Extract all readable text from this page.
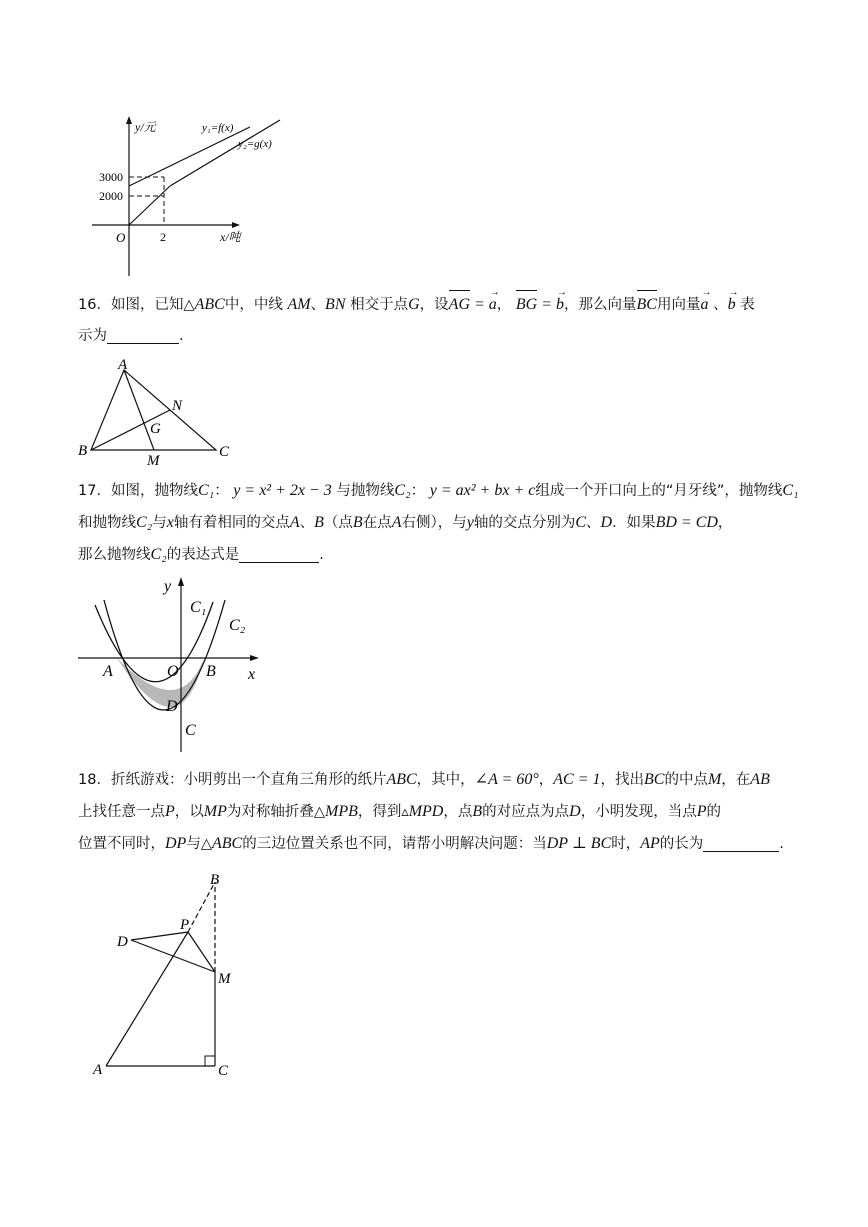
y/元
x/吨
O
3000
2000
2
y₁=f(x)
y₂=g(x)
16．如图，已知△ABC中，中线 AM、BN 相交于点G，设AG = → a， BG = → b，那么向量BC用向量→ a 、→ b 表
示为	.
A
B	C
M
N
G
17．如图，抛物线C₁： y = x² + 2x − 3 与抛物线C₂： y = ax² + bx + c组成一个开口向上的“月牙线”，抛物线C₁
和抛物线C₂与x轴有着相同的交点A、B（点B在点A右侧），与y轴的交点分别为C、D．如果BD = CD，
那么抛物线C₂的表达式是	.
y
x
C₁
C₂
A	O B
D
C
18．折纸游戏：小明剪出一个直角三角形的纸片ABC，其中，∠A = 60°，AC = 1，找出BC的中点M，在AB
上找任意一点P，以MP为对称轴折叠△MPB，得到▵MPD，点B的对应点为点D，小明发现，当点P的
位置不同时，DP与△ABC的三边位置关系也不同，请帮小明解决问题：当DP ⊥ BC时，AP的长为	.
B
P
D
M
A	C
